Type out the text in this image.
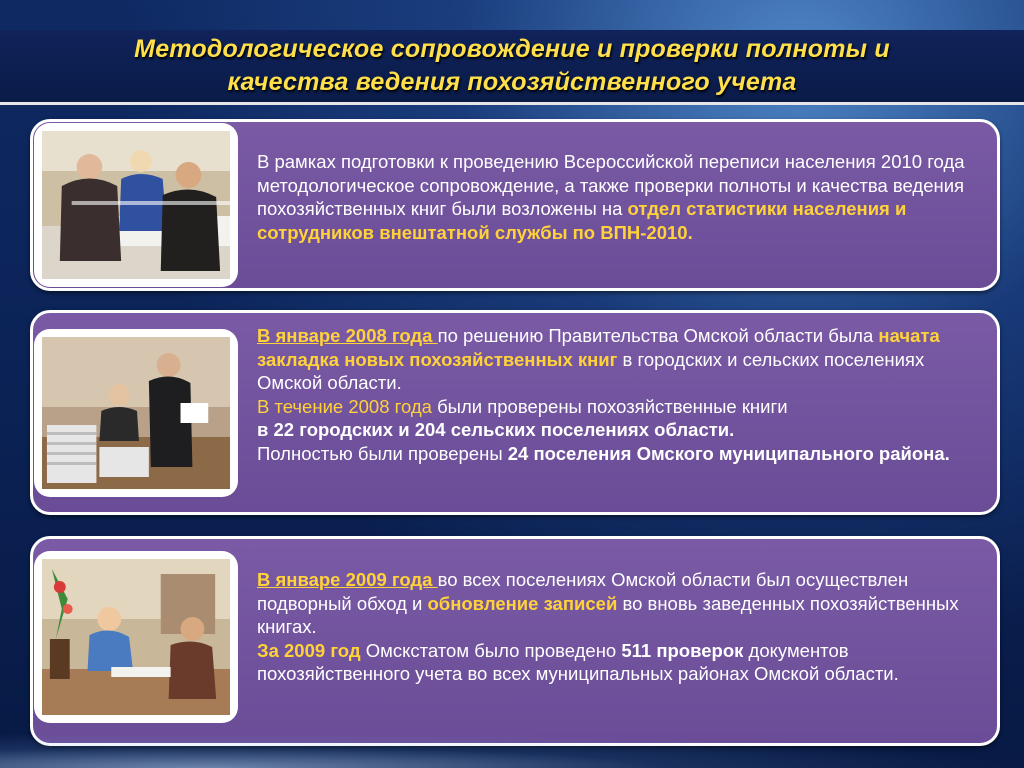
Методологическое сопровождение и проверки полноты и
качества ведения похозяйственного учета
В рамках подготовки к проведению Всероссийской переписи населения 2010 года методологическое сопровождение, а также проверки полноты и качества ведения похозяйственных книг были возложены на отдел статистики населения и сотрудников внештатной службы по ВПН-2010.
В январе 2008 года по решению Правительства Омской области была начата закладка новых похозяйственных книг в городских и сельских поселениях Омской области.
В течение 2008 года были проверены похозяйственные книги
в 22 городских и 204 сельских поселениях области.
Полностью были проверены 24 поселения Омского муниципального района.
В январе 2009 года во всех поселениях Омской области был осуществлен подворный обход и обновление записей во вновь заведенных похозяйственных книгах.
За 2009 год Омскстатом было проведено 511 проверок документов похозяйственного учета во всех муниципальных районах Омской области.
